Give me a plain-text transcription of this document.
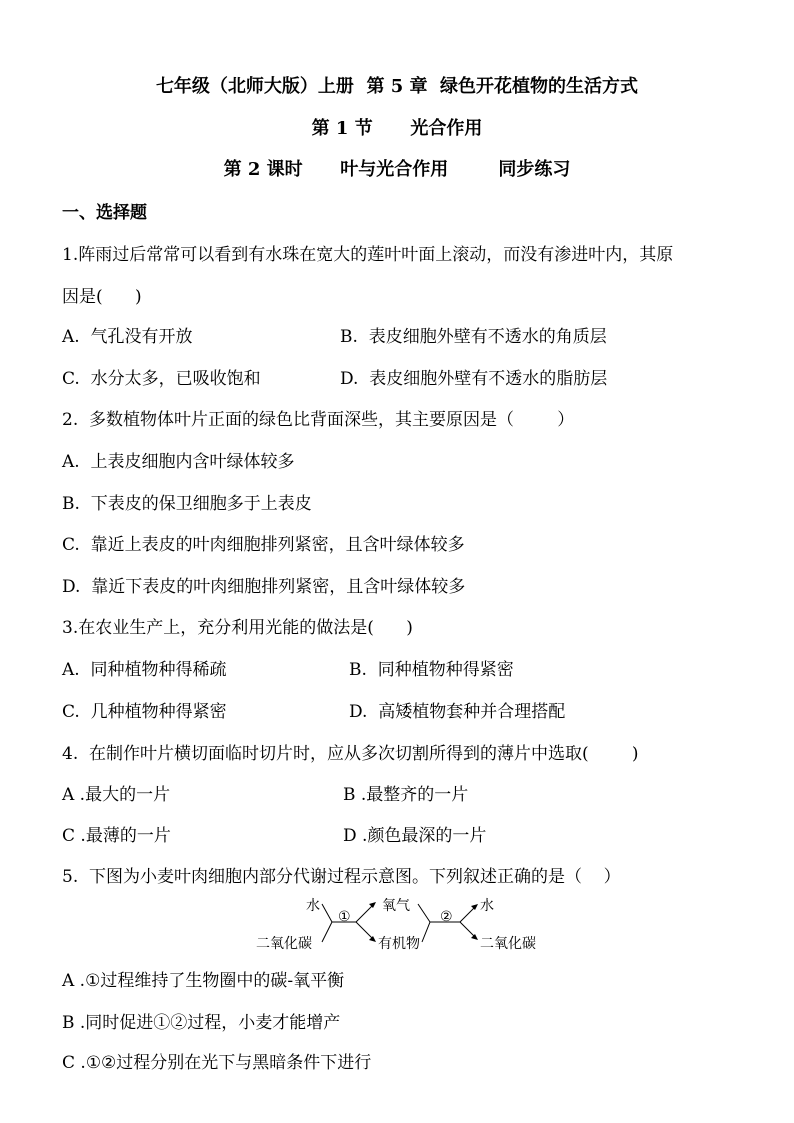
七年级（北师大版）上册  第 5 章  绿色开花植物的生活方式
第 1 节      光合作用
第 2 课时      叶与光合作用        同步练习
一、选择题
1.阵雨过后常常可以看到有水珠在宽大的莲叶叶面上滚动，而没有渗进叶内，其原
因是(      )
A.  气孔没有开放	B.  表皮细胞外壁有不透水的角质层
C.  水分太多，已吸收饱和	D.  表皮细胞外壁有不透水的脂肪层
2.  多数植物体叶片正面的绿色比背面深些，其主要原因是（        ）
A.  上表皮细胞内含叶绿体较多
B.  下表皮的保卫细胞多于上表皮
C.  靠近上表皮的叶肉细胞排列紧密，且含叶绿体较多
D.  靠近下表皮的叶肉细胞排列紧密，且含叶绿体较多
3.在农业生产上，充分利用光能的做法是(      )
A.  同种植物种得稀疏	B.  同种植物种得紧密
C.  几种植物种得紧密	D.  高矮植物套种并合理搭配
4.  在制作叶片横切面临时切片时，应从多次切割所得到的薄片中选取(        )
A .最大的一片	B .最整齐的一片
C .最薄的一片	D .颜色最深的一片
5.  下图为小麦叶肉细胞内部分代谢过程示意图。下列叙述正确的是（    ）
水
二氧化碳
①
氧气
有机物
②
水
二氧化碳
A .①过程维持了生物圈中的碳-氧平衡
B .同时促进①②过程，小麦才能增产
C .①②过程分别在光下与黑暗条件下进行
